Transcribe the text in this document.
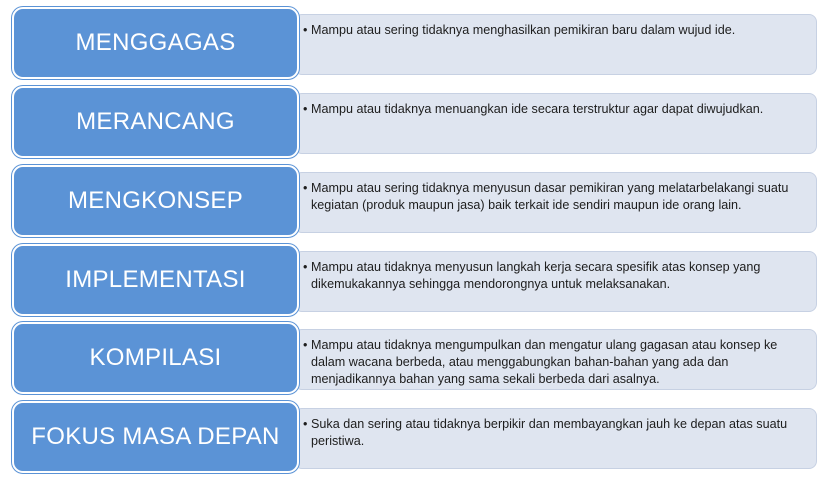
• Mampu atau sering tidaknya menghasilkan pemikiran baru dalam wujud ide.
MENGGAGAS
• Mampu atau tidaknya menuangkan ide secara terstruktur agar dapat diwujudkan.
MERANCANG
• Mampu atau sering tidaknya menyusun dasar pemikiran yang melatarbelakangi suatu kegiatan (produk maupun jasa) baik terkait ide sendiri maupun ide orang lain.
MENGKONSEP
• Mampu atau tidaknya menyusun langkah kerja secara spesifik atas konsep yang dikemukakannya sehingga mendorongnya untuk melaksanakan.
IMPLEMENTASI
• Mampu atau tidaknya mengumpulkan dan mengatur ulang gagasan atau konsep ke dalam wacana berbeda, atau menggabungkan bahan-bahan yang ada dan menjadikannya bahan yang sama sekali berbeda dari asalnya.
KOMPILASI
• Suka dan sering atau tidaknya berpikir dan membayangkan jauh ke depan atas suatu peristiwa.
FOKUS MASA DEPAN
